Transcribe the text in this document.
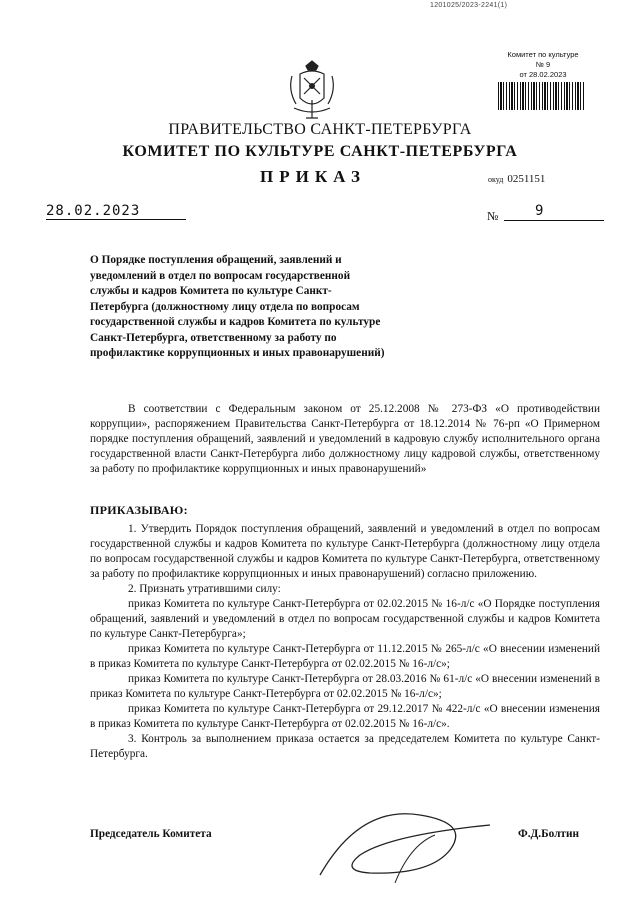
1201025/2023-2241(1)
Комитет по культуре
№ 9
от 28.02.2023
ПРАВИТЕЛЬСТВО САНКТ-ПЕТЕРБУРГА
КОМИТЕТ ПО КУЛЬТУРЕ САНКТ-ПЕТЕРБУРГА
ПРИКАЗ	окуд 0251151
28.02.2023	№	9
О Порядке поступления обращений, заявлений и уведомлений в отдел по вопросам государственной службы и кадров Комитета по культуре Санкт-Петербурга (должностному лицу отдела по вопросам государственной службы и кадров Комитета по культуре Санкт-Петербурга, ответственному за работу по профилактике коррупционных и иных правонарушений)
В соответствии с Федеральным законом от 25.12.2008 № 273-ФЗ «О противодействии коррупции», распоряжением Правительства Санкт-Петербурга от 18.12.2014 № 76-рп «О Примерном порядке поступления обращений, заявлений и уведомлений в кадровую службу исполнительного органа государственной власти Санкт-Петербурга либо должностному лицу кадровой службы, ответственному за работу по профилактике коррупционных и иных правонарушений»
ПРИКАЗЫВАЮ:

1. Утвердить Порядок поступления обращений, заявлений и уведомлений в отдел по вопросам государственной службы и кадров Комитета по культуре Санкт-Петербурга (должностному лицу отдела по вопросам государственной службы и кадров Комитета по культуре Санкт-Петербурга, ответственному за работу по профилактике коррупционных и иных правонарушений) согласно приложению.

2. Признать утратившими силу:

приказ Комитета по культуре Санкт-Петербурга от 02.02.2015 № 16-л/с «О Порядке поступления обращений, заявлений и уведомлений в отдел по вопросам государственной службы и кадров Комитета по культуре Санкт-Петербурга»;

приказ Комитета по культуре Санкт-Петербурга от 11.12.2015 № 265-л/с «О внесении изменений в приказ Комитета по культуре Санкт-Петербурга от 02.02.2015 № 16-л/с»;

приказ Комитета по культуре Санкт-Петербурга от 28.03.2016 № 61-л/с «О внесении изменений в приказ Комитета по культуре Санкт-Петербурга от 02.02.2015 № 16-л/с»;

приказ Комитета по культуре Санкт-Петербурга от 29.12.2017 № 422-л/с «О внесении изменения в приказ Комитета по культуре Санкт-Петербурга от 02.02.2015 № 16-л/с».

3. Контроль за выполнением приказа остается за председателем Комитета по культуре Санкт-Петербурга.

Председатель Комитета	Ф.Д.Болтин
